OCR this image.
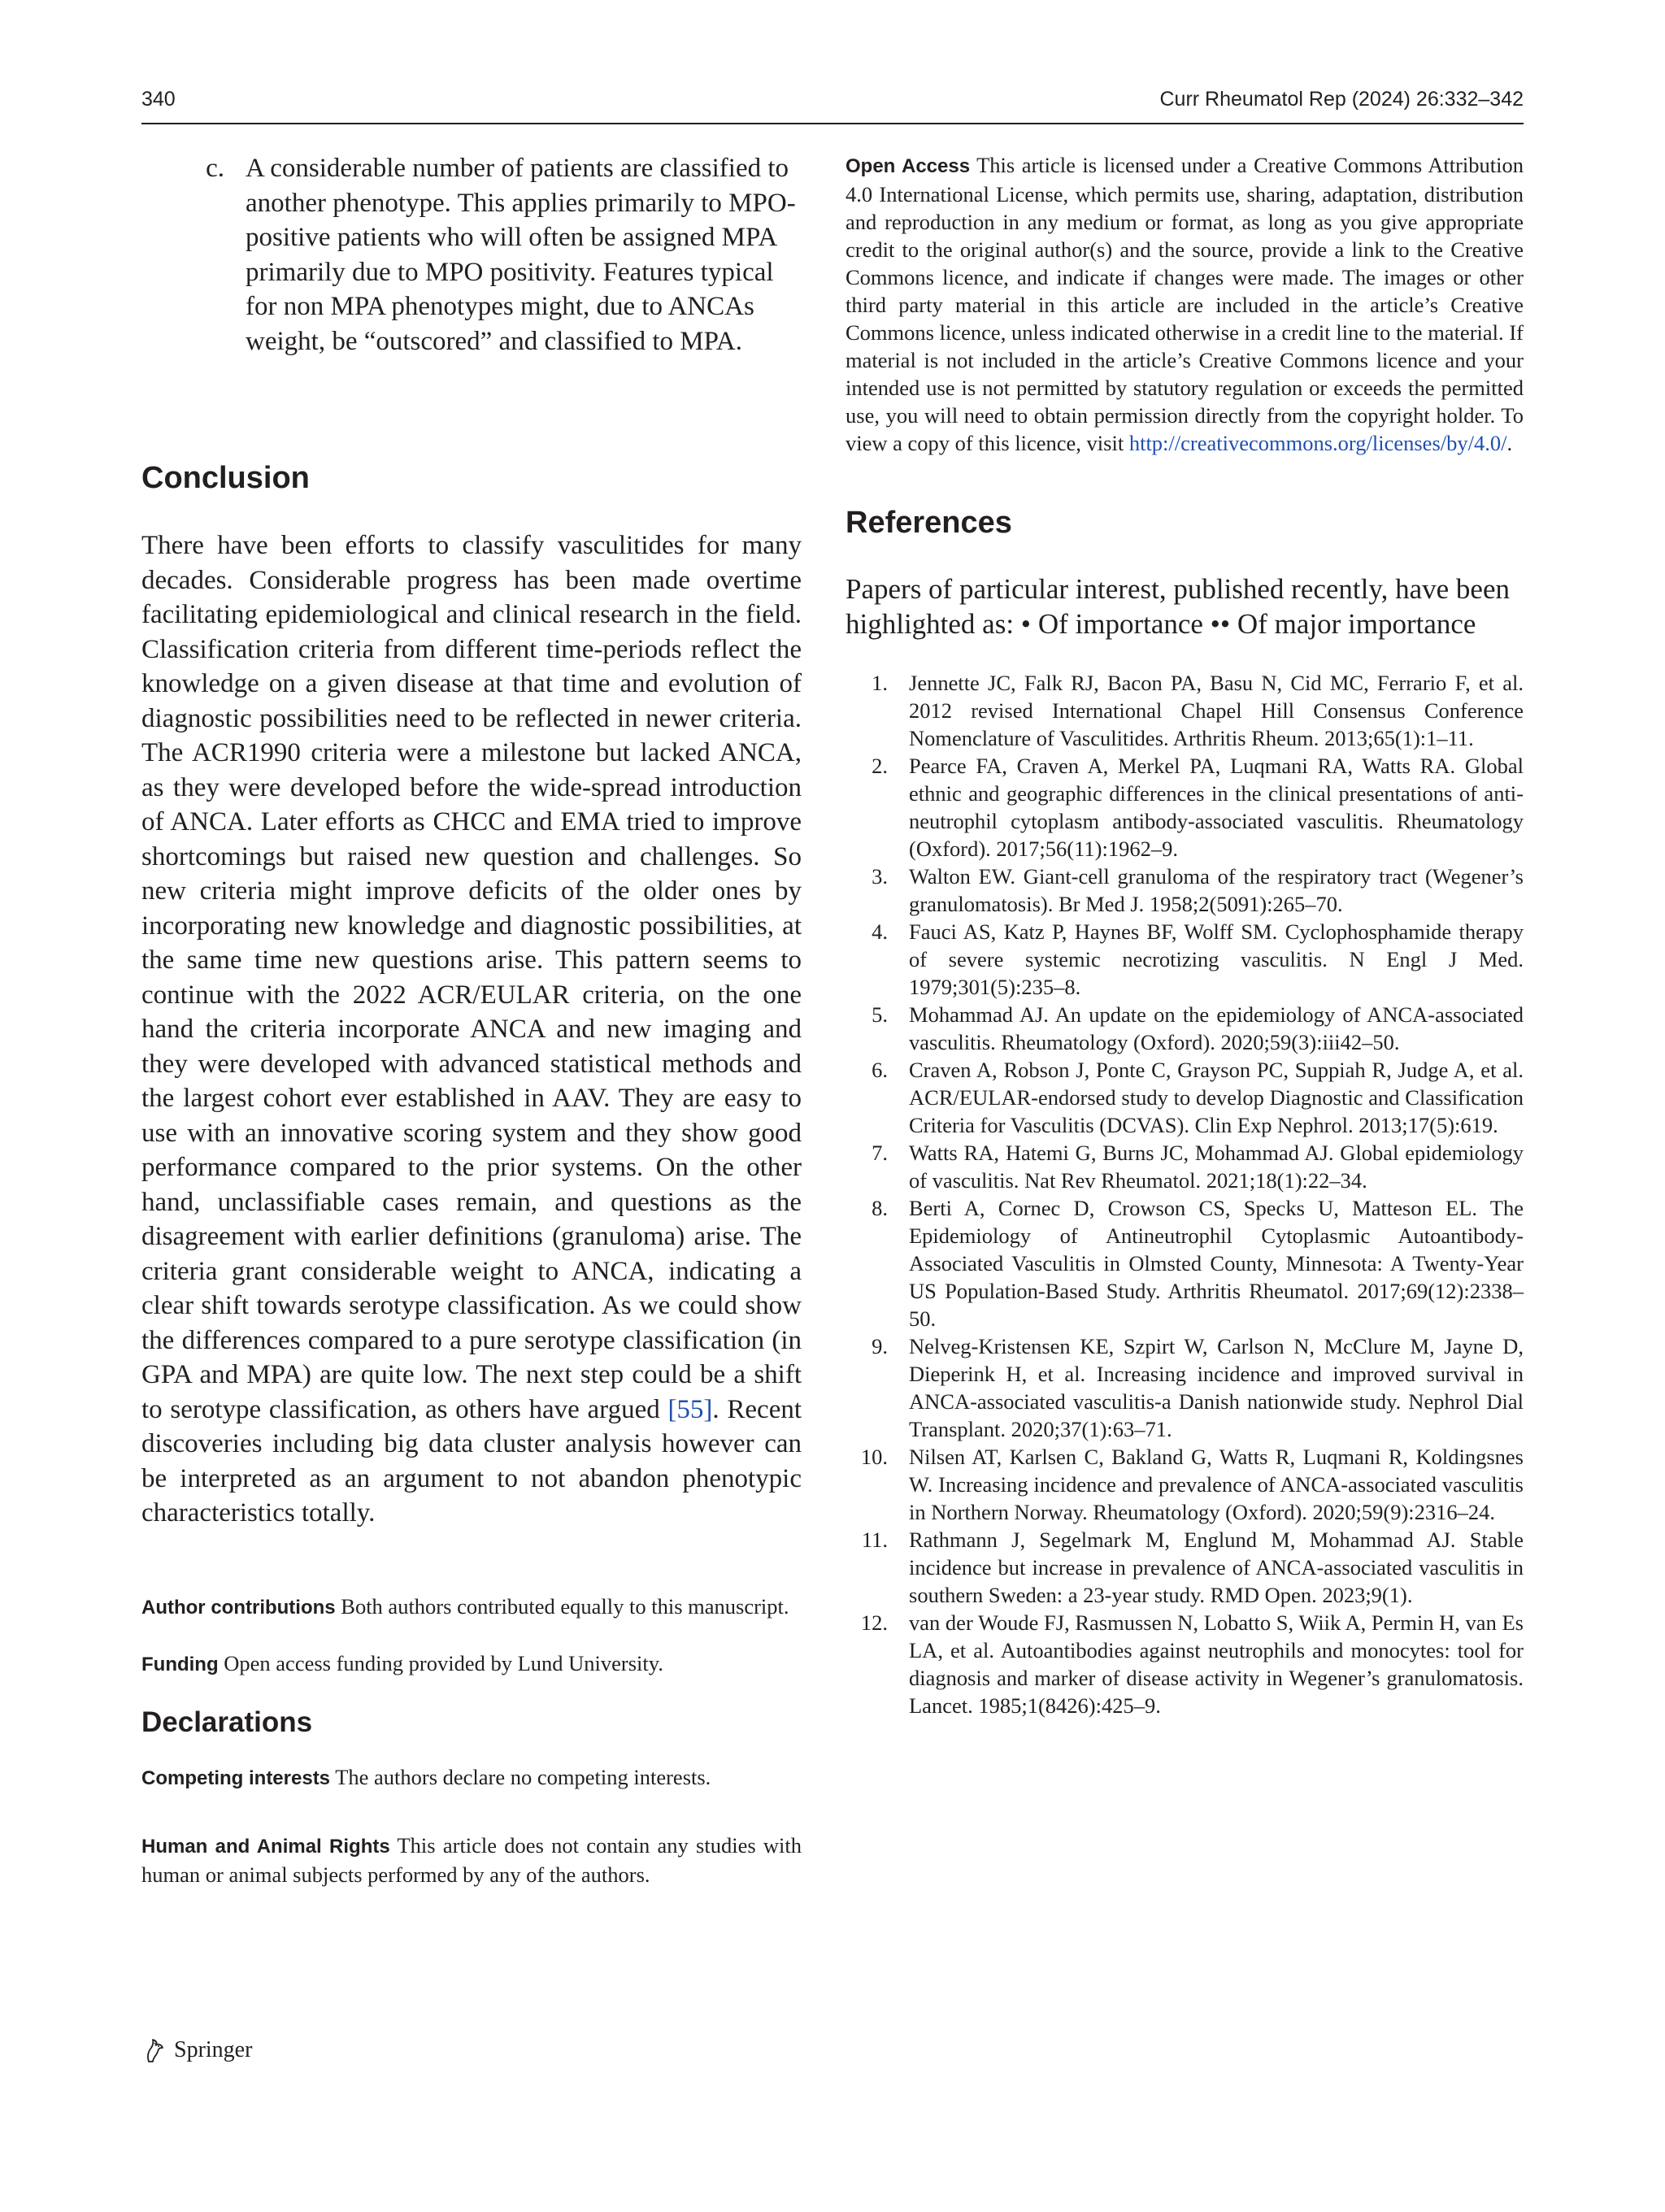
340	Curr Rheumatol Rep (2024) 26:332–342
c. A considerable number of patients are classified to another phenotype. This applies primarily to MPO-positive patients who will often be assigned MPA primarily due to MPO positivity. Features typical for non MPA phenotypes might, due to ANCAs weight, be “outscored” and classified to MPA.
Conclusion

There have been efforts to classify vasculitides for many decades. Considerable progress has been made overtime facilitating epidemiological and clinical research in the field. Classification criteria from different time-periods reflect the knowledge on a given disease at that time and evolution of diagnostic possibilities need to be reflected in newer criteria. The ACR1990 criteria were a milestone but lacked ANCA, as they were developed before the wide-spread introduction of ANCA. Later efforts as CHCC and EMA tried to improve shortcomings but raised new question and challenges. So new criteria might improve deficits of the older ones by incorporating new knowledge and diagnostic possibilities, at the same time new questions arise. This pattern seems to continue with the 2022 ACR/EULAR criteria, on the one hand the criteria incorporate ANCA and new imaging and they were developed with advanced statistical methods and the largest cohort ever established in AAV. They are easy to use with an innovative scoring system and they show good performance compared to the prior systems. On the other hand, unclassifiable cases remain, and questions as the disagreement with earlier definitions (granuloma) arise. The criteria grant considerable weight to ANCA, indicating a clear shift towards serotype classification. As we could show the differences compared to a pure serotype classification (in GPA and MPA) are quite low. The next step could be a shift to serotype classification, as others have argued [55]. Recent discoveries including big data cluster analysis however can be interpreted as an argument to not abandon phenotypic characteristics totally.

Author contributions Both authors contributed equally to this manuscript.

Funding Open access funding provided by Lund University.

Declarations

Competing interests The authors declare no competing interests.

Human and Animal Rights This article does not contain any studies with human or animal subjects performed by any of the authors.

Open Access This article is licensed under a Creative Commons Attribution 4.0 International License, which permits use, sharing, adaptation, distribution and reproduction in any medium or format, as long as you give appropriate credit to the original author(s) and the source, provide a link to the Creative Commons licence, and indicate if changes were made. The images or other third party material in this article are included in the article’s Creative Commons licence, unless indicated otherwise in a credit line to the material. If material is not included in the article’s Creative Commons licence and your intended use is not permitted by statutory regulation or exceeds the permitted use, you will need to obtain permission directly from the copyright holder. To view a copy of this licence, visit http://creativecommons.org/licenses/by/4.0/.

References

Papers of particular interest, published recently, have been highlighted as: • Of importance •• Of major importance

1. Jennette JC, Falk RJ, Bacon PA, Basu N, Cid MC, Ferrario F, et al. 2012 revised International Chapel Hill Consensus Conference Nomenclature of Vasculitides. Arthritis Rheum. 2013;65(1):1–11.
2. Pearce FA, Craven A, Merkel PA, Luqmani RA, Watts RA. Global ethnic and geographic differences in the clinical presentations of anti-neutrophil cytoplasm antibody-associated vasculitis. Rheumatology (Oxford). 2017;56(11):1962–9.
3. Walton EW. Giant-cell granuloma of the respiratory tract (Wegener’s granulomatosis). Br Med J. 1958;2(5091):265–70.
4. Fauci AS, Katz P, Haynes BF, Wolff SM. Cyclophosphamide therapy of severe systemic necrotizing vasculitis. N Engl J Med. 1979;301(5):235–8.
5. Mohammad AJ. An update on the epidemiology of ANCA-associated vasculitis. Rheumatology (Oxford). 2020;59(3):iii42–50.
6. Craven A, Robson J, Ponte C, Grayson PC, Suppiah R, Judge A, et al. ACR/EULAR-endorsed study to develop Diagnostic and Classification Criteria for Vasculitis (DCVAS). Clin Exp Nephrol. 2013;17(5):619.
7. Watts RA, Hatemi G, Burns JC, Mohammad AJ. Global epidemiology of vasculitis. Nat Rev Rheumatol. 2021;18(1):22–34.
8. Berti A, Cornec D, Crowson CS, Specks U, Matteson EL. The Epidemiology of Antineutrophil Cytoplasmic Autoantibody-Associated Vasculitis in Olmsted County, Minnesota: A Twenty-Year US Population-Based Study. Arthritis Rheumatol. 2017;69(12):2338–50.
9. Nelveg-Kristensen KE, Szpirt W, Carlson N, McClure M, Jayne D, Dieperink H, et al. Increasing incidence and improved survival in ANCA-associated vasculitis-a Danish nationwide study. Nephrol Dial Transplant. 2020;37(1):63–71.
10. Nilsen AT, Karlsen C, Bakland G, Watts R, Luqmani R, Koldingsnes W. Increasing incidence and prevalence of ANCA-associated vasculitis in Northern Norway. Rheumatology (Oxford). 2020;59(9):2316–24.
11. Rathmann J, Segelmark M, Englund M, Mohammad AJ. Stable incidence but increase in prevalence of ANCA-associated vasculitis in southern Sweden: a 23-year study. RMD Open. 2023;9(1).
12. van der Woude FJ, Rasmussen N, Lobatto S, Wiik A, Permin H, van Es LA, et al. Autoantibodies against neutrophils and monocytes: tool for diagnosis and marker of disease activity in Wegener’s granulomatosis. Lancet. 1985;1(8426):425–9.
Springer
